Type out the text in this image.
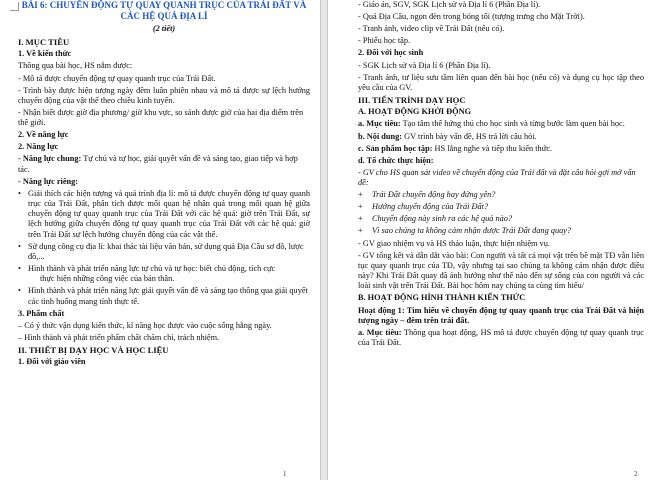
BÀI 6: CHUYỂN ĐỘNG TỰ QUAY QUANH TRỤC CỦA TRÁI ĐẤT VÀ

CÁC HỆ QUẢ ĐỊA LÍ

(2 tiết)

I. MỤC TIÊU

1. Về kiến thức

Thông qua bài học, HS nắm được:

- Mô tả được chuyển động tự quay quanh trục của Trái Đất.

- Trình bày được hiện tượng ngày đêm luân phiên nhau và mô tả được sự lệch hướng chuyển động của vật thể theo chiều kinh tuyến.

- Nhận biết được giờ địa phương/ giờ khu vực, so sánh được giờ của hai địa điểm trên thế giới.

2. Về năng lực

2. Năng lực

- Năng lực chung: Tự chủ và tự học, giải quyết vấn đề và sáng tạo, giao tiếp và hợp tác.

- Năng lực riêng:

• Giải thích các hiện tượng và quá trình địa lí: mô tả được chuyển động tự quay quanh trục của Trái Đất, phân tích được mối quan hệ nhân quả trong mối quan hệ giữa chuyển động tự quay quanh trục của Trái Đất với các hệ quả: giờ trên Trái Đất, sự lệch hướng giữa chuyển động tự quay quanh trục của Trái Đất với các hệ quả: giờ trên Trái Đất sự lệch hướng chuyển động của các vật thể.

• Sử dụng công cụ địa lí: khai thác tài liệu văn bản, sử dụng quả Địa Cầu sơ đồ, lược đồ,...

• Hình thành và phát triển năng lực tự chủ và tự học: biết chủ động, tích cực

thực hiện những công việc của bản thân.

• Hình thành và phát triển năng lực giải quyết vấn đề và sáng tạo thông qua giải quyết các tình huống mang tính thực tế.

3. Phẩm chất

– Có ý thức vận dụng kiến thức, kĩ năng học được vào cuộc sống hằng ngày.

– Hình thành và phát triển phẩm chất chăm chỉ, trách nhiệm.

II. THIẾT BỊ DẠY HỌC VÀ HỌC LIỆU

1. Đối với giáo viên

1

- Giáo án, SGV, SGK Lịch sử và Địa lí 6 (Phần Địa lí).

- Quả Địa Cầu, ngọn đèn trong bóng tối (tượng trưng cho Mặt Trời).

- Tranh ảnh, video clip về Trái Đất (nếu có).

- Phiếu học tập.

2. Đối với học sinh

- SGK Lịch sử và Địa lí 6 (Phần Địa lí).

- Tranh ảnh, tư liệu sưu tầm liên quan đến bài học (nếu có) và dụng cụ học tập theo yêu cầu của GV.

III. TIẾN TRÌNH DẠY HỌC

A. HOẠT ĐỘNG KHỞI ĐỘNG

a. Mục tiêu: Tạo tâm thế hứng thú cho học sinh và từng bước làm quen bài học.

b. Nội dung: GV trình bày vấn đề, HS trả lời câu hỏi.

c. Sản phẩm học tập: HS lắng nghe và tiếp thu kiến thức.

d. Tổ chức thực hiện:

- GV cho HS quan sát video về chuyển động của Trái đất và đặt câu hỏi gợi mở vấn đề:

+ Trái Đất chuyển động hay đứng yên?

+ Hướng chuyển động của Trái Đất?

+ Chuyển động này sinh ra các hệ quả nào?

+ Vì sao chúng ta không cảm nhận được Trái Đất đang quay?

- GV giao nhiệm vụ và HS thảo luận, thực hiện nhiệm vụ.

- GV tổng kết và dẫn dắt vào bài: Con người và tất cả mọi vật trên bề mặt TĐ vẫn liên tục quay quanh trục của TĐ, vậy nhưng tại sao chúng ta không cảm nhận được điều này? Khi Trái Đất quay đã ảnh hưởng như thế nào đến sự sống của con người và các loài sinh vật trên Trái Đất. Bài học hôm nay chúng ta cùng tìm hiểu/

B. HOẠT ĐỘNG HÌNH THÀNH KIẾN THỨC

Hoạt động 1: Tìm hiểu về chuyển động tự quay quanh trục của Trái Đất và hiện tượng ngày – đêm trên trái đất.

a. Mục tiêu: Thông qua hoạt động, HS mô tả được chuyển động tự quay quanh trục của Trái Đất.

2
